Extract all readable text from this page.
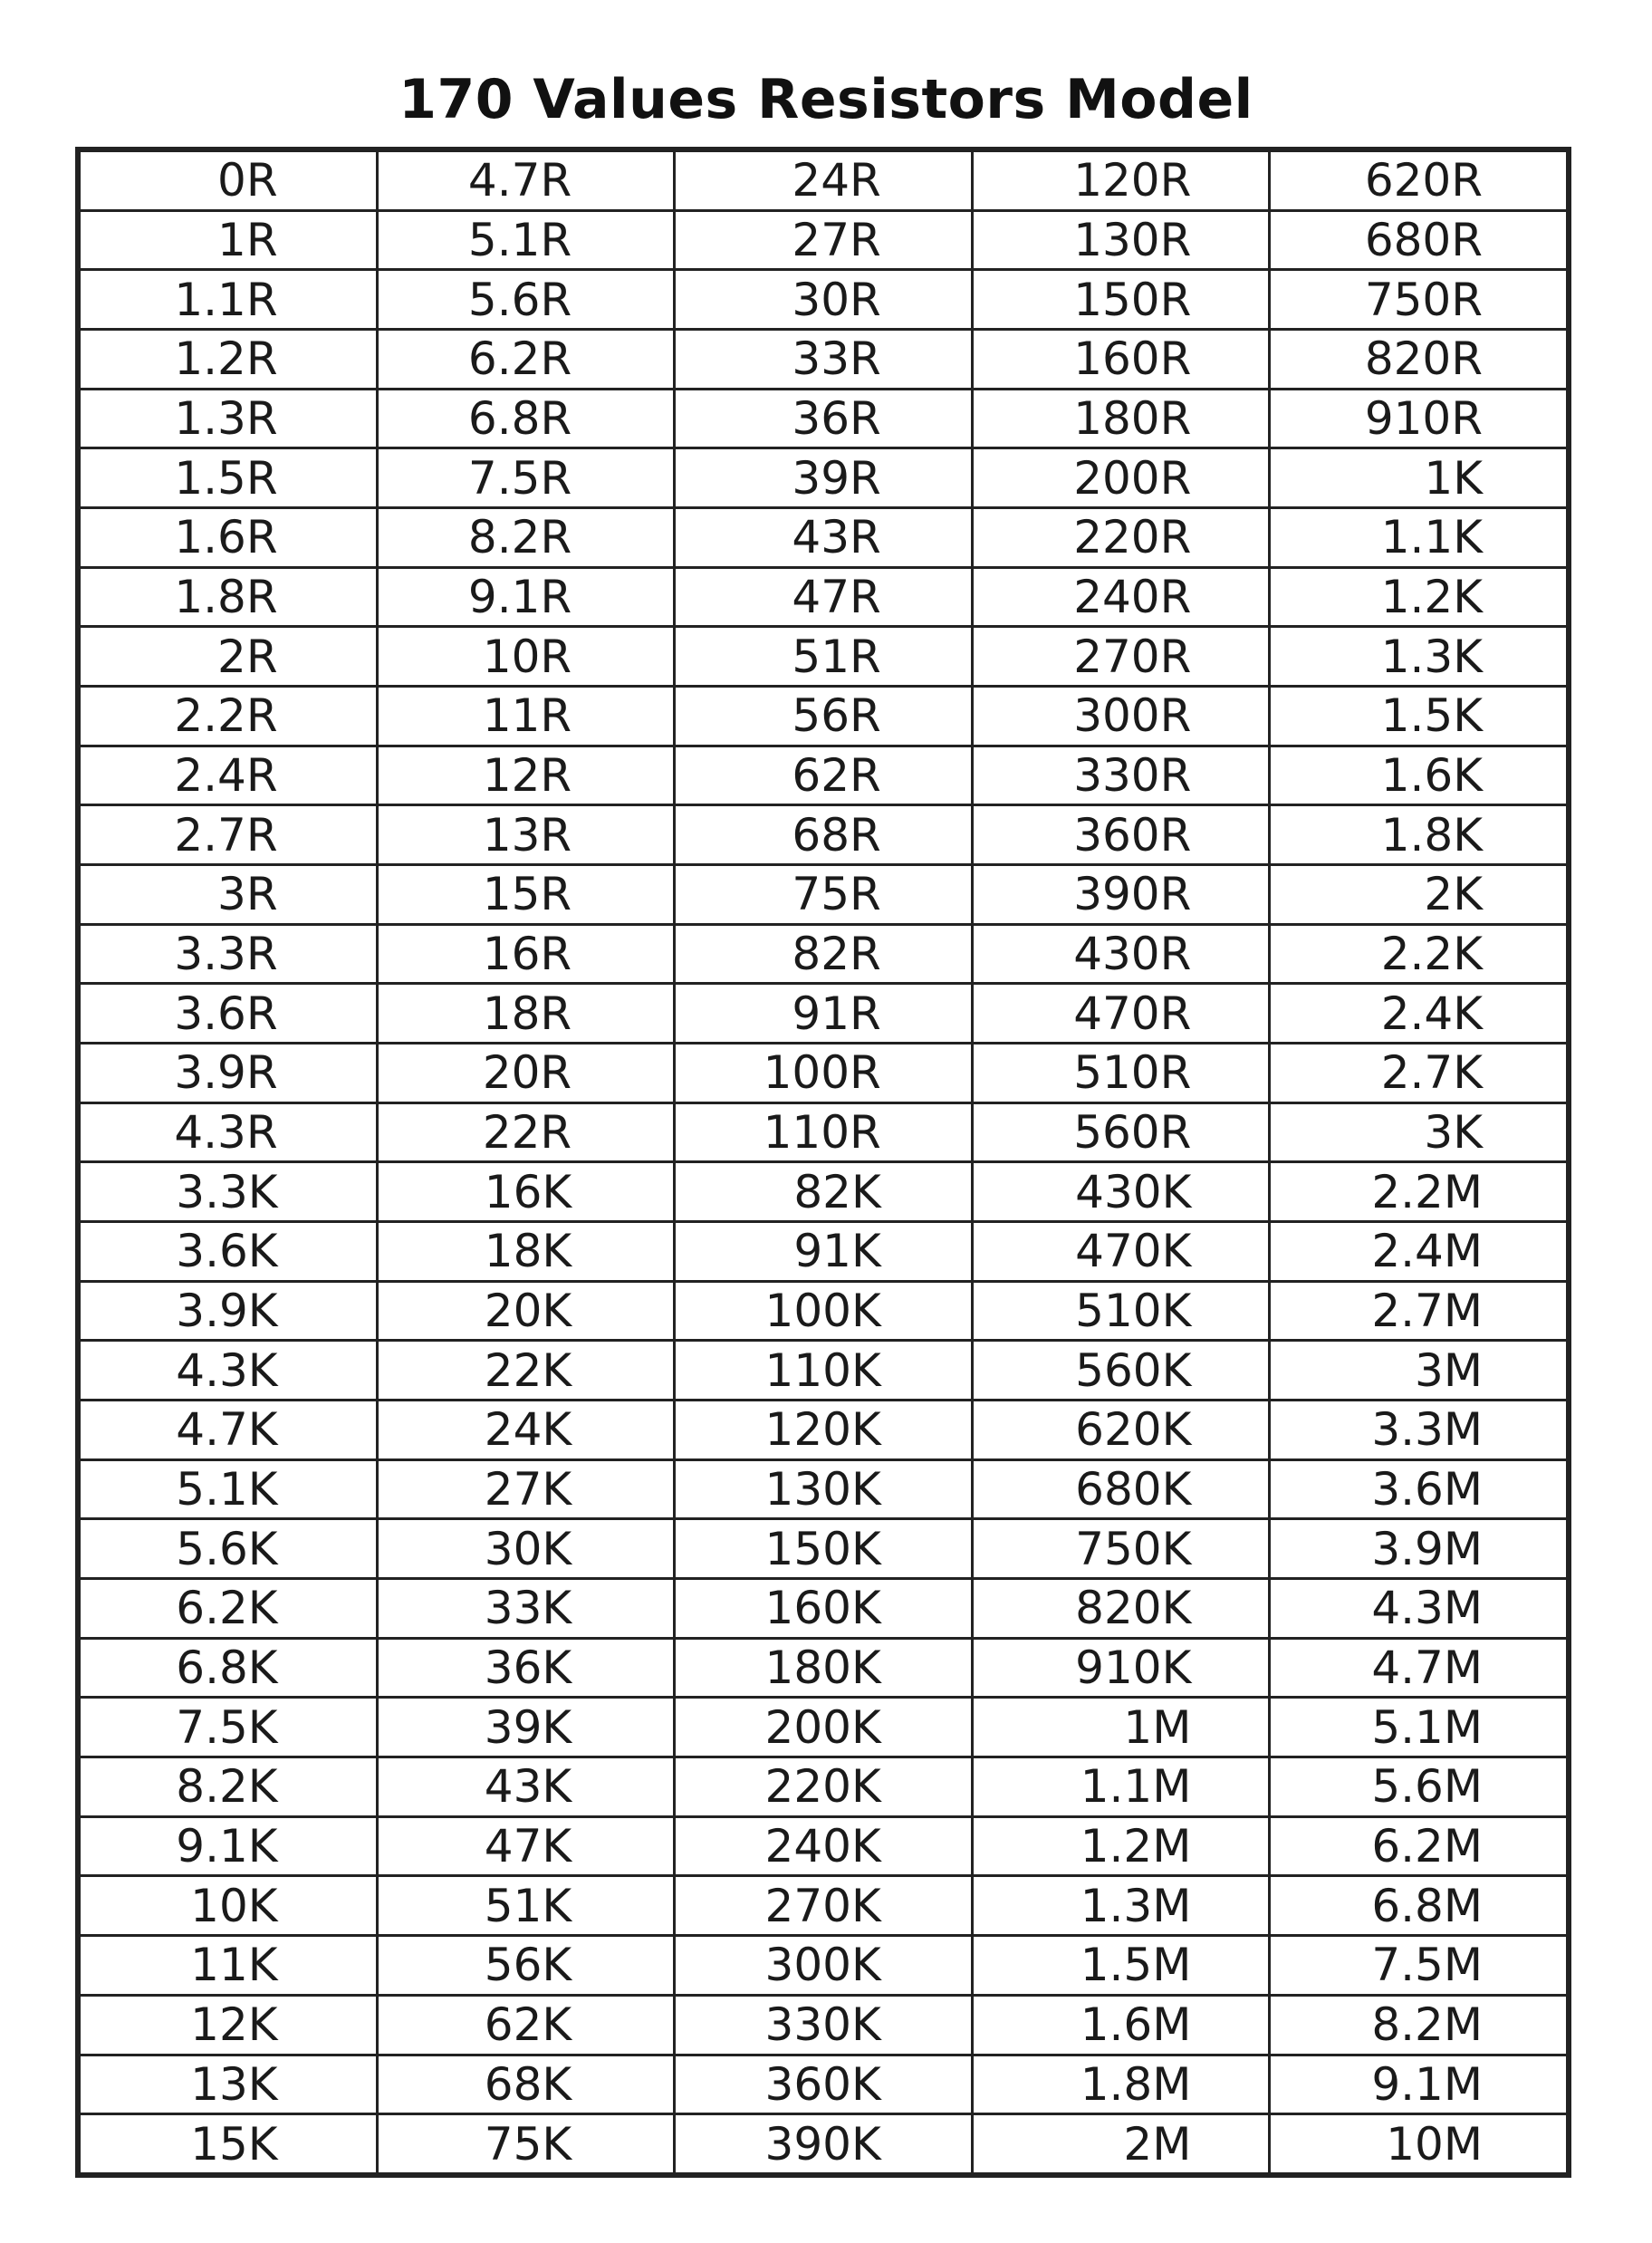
170 Values Resistors Model
0R	4.7R	24R	120R	620R
1R	5.1R	27R	130R	680R
1.1R	5.6R	30R	150R	750R
1.2R	6.2R	33R	160R	820R
1.3R	6.8R	36R	180R	910R
1.5R	7.5R	39R	200R	1K
1.6R	8.2R	43R	220R	1.1K
1.8R	9.1R	47R	240R	1.2K
2R	10R	51R	270R	1.3K
2.2R	11R	56R	300R	1.5K
2.4R	12R	62R	330R	1.6K
2.7R	13R	68R	360R	1.8K
3R	15R	75R	390R	2K
3.3R	16R	82R	430R	2.2K
3.6R	18R	91R	470R	2.4K
3.9R	20R	100R	510R	2.7K
4.3R	22R	110R	560R	3K
3.3K	16K	82K	430K	2.2M
3.6K	18K	91K	470K	2.4M
3.9K	20K	100K	510K	2.7M
4.3K	22K	110K	560K	3M
4.7K	24K	120K	620K	3.3M
5.1K	27K	130K	680K	3.6M
5.6K	30K	150K	750K	3.9M
6.2K	33K	160K	820K	4.3M
6.8K	36K	180K	910K	4.7M
7.5K	39K	200K	1M	5.1M
8.2K	43K	220K	1.1M	5.6M
9.1K	47K	240K	1.2M	6.2M
10K	51K	270K	1.3M	6.8M
11K	56K	300K	1.5M	7.5M
12K	62K	330K	1.6M	8.2M
13K	68K	360K	1.8M	9.1M
15K	75K	390K	2M	10M
